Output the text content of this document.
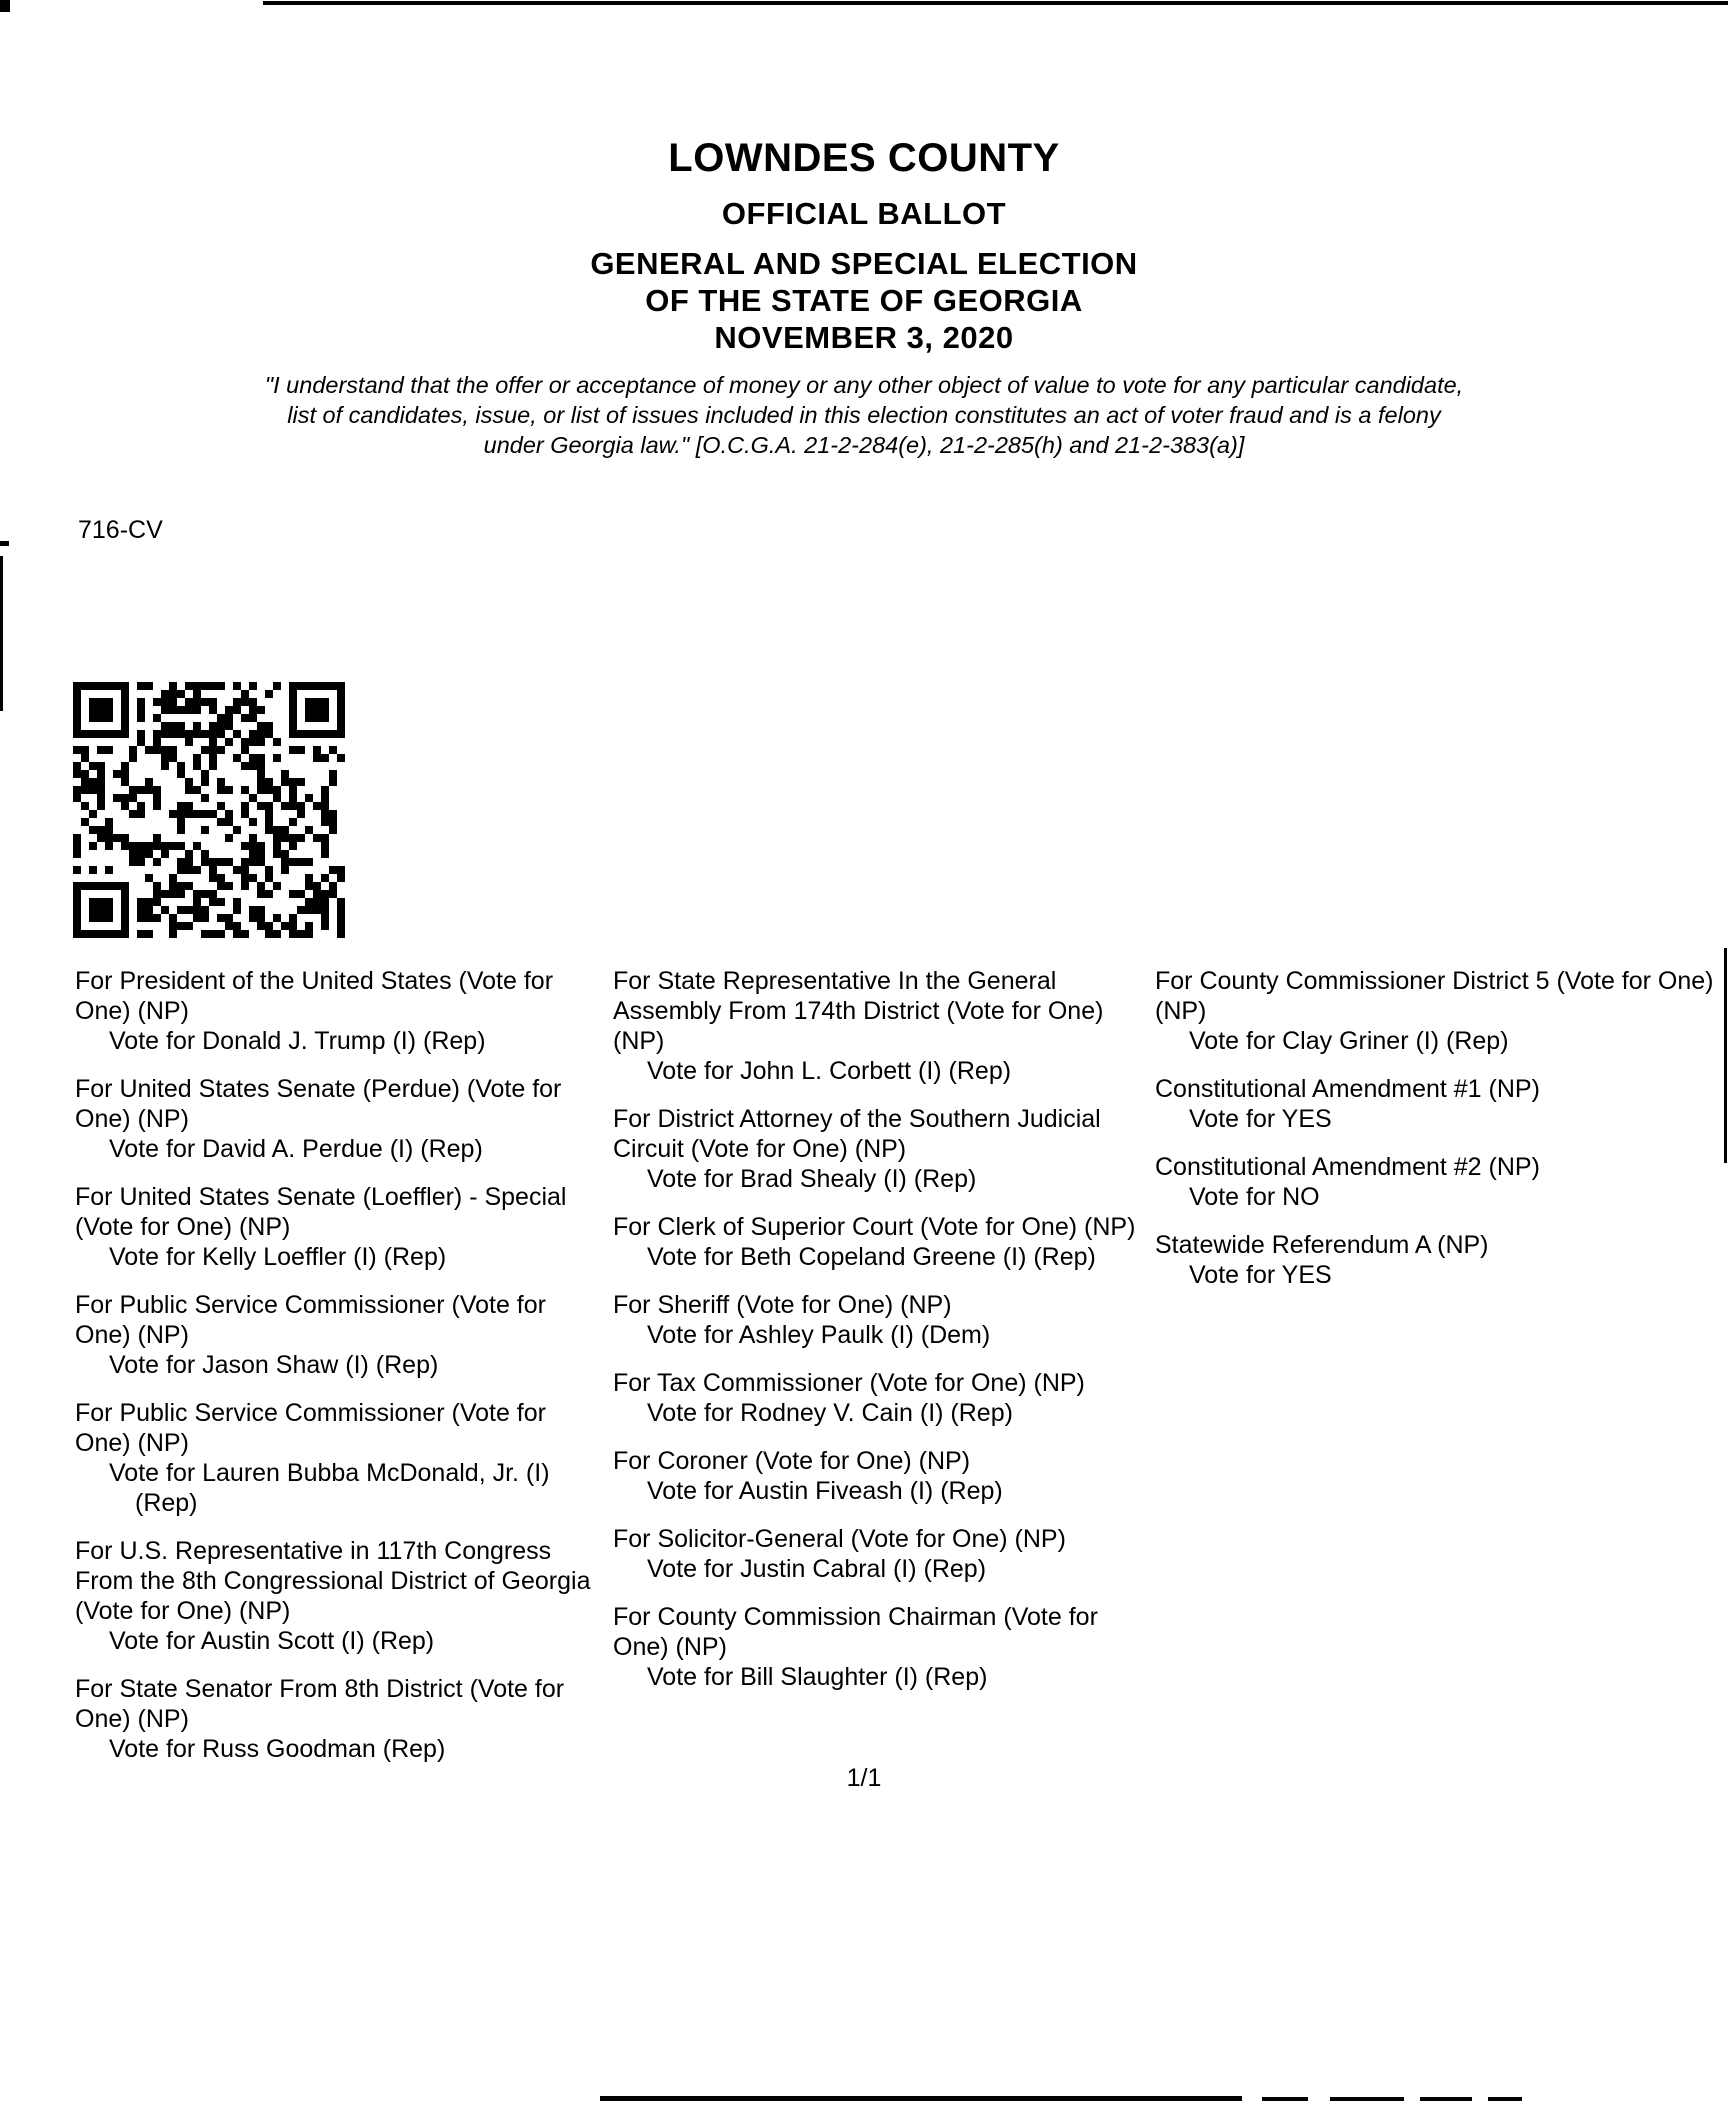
LOWNDES COUNTY
OFFICIAL BALLOT
GENERAL AND SPECIAL ELECTION
OF THE STATE OF GEORGIA
NOVEMBER 3, 2020
"I understand that the offer or acceptance of money or any other object of value to vote for any particular candidate,
list of candidates, issue, or list of issues included in this election constitutes an act of voter fraud and is a felony
under Georgia law." [O.C.G.A. 21-2-284(e), 21-2-285(h) and 21-2-383(a)]
716-CV
For President of the United States (Vote for One) (NP)
Vote for Donald J. Trump (I) (Rep)
For United States Senate (Perdue) (Vote for One) (NP)
Vote for David A. Perdue (I) (Rep)
For United States Senate (Loeffler) - Special (Vote for One) (NP)
Vote for Kelly Loeffler (I) (Rep)
For Public Service Commissioner (Vote for One) (NP)
Vote for Jason Shaw (I) (Rep)
For Public Service Commissioner (Vote for One) (NP)
Vote for Lauren Bubba McDonald, Jr. (I) (Rep)
For U.S. Representative in 117th Congress From the 8th Congressional District of Georgia (Vote for One) (NP)
Vote for Austin Scott (I) (Rep)
For State Senator From 8th District (Vote for One) (NP)
Vote for Russ Goodman (Rep)
For State Representative In the General Assembly From 174th District (Vote for One) (NP)
Vote for John L. Corbett (I) (Rep)
For District Attorney of the Southern Judicial Circuit (Vote for One) (NP)
Vote for Brad Shealy (I) (Rep)
For Clerk of Superior Court (Vote for One) (NP)
Vote for Beth Copeland Greene (I) (Rep)
For Sheriff (Vote for One) (NP)
Vote for Ashley Paulk (I) (Dem)
For Tax Commissioner (Vote for One) (NP)
Vote for Rodney V. Cain (I) (Rep)
For Coroner (Vote for One) (NP)
Vote for Austin Fiveash (I) (Rep)
For Solicitor-General (Vote for One) (NP)
Vote for Justin Cabral (I) (Rep)
For County Commission Chairman (Vote for One) (NP)
Vote for Bill Slaughter (I) (Rep)
For County Commissioner District 5 (Vote for One) (NP)
Vote for Clay Griner (I) (Rep)
Constitutional Amendment #1 (NP)
Vote for YES
Constitutional Amendment #2 (NP)
Vote for NO
Statewide Referendum A (NP)
Vote for YES
1/1
